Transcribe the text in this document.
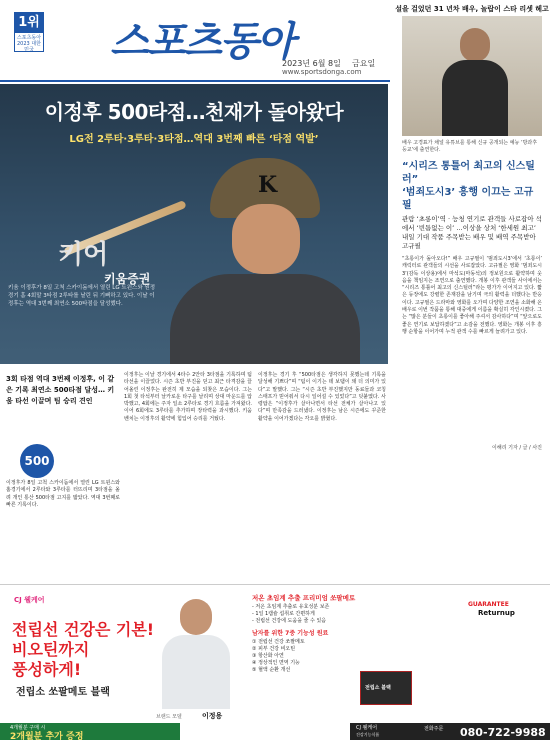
1위
스포츠동아 2023 대한민국 스포츠동아
2023년 6월 8일 금요일
www.sportsdonga.com
이정후 500타점…천재가 돌아왔다
LG전 2루타·3루타·3타점…역대 3번째 빠른 ‘타점 역발’
K
키어
키움증권
키움 이정후가 8일 고척 스카이돔에서 열린 LG 트윈스와 원정경기 홈 4회말 3타점 2루타를 날린 뒤 기뻐하고 있다. 이날 이정후는 역대 3번째 최연소 500타점을 달성했다.
설을 걸었던 31 년차 배우, 놀랍이 스타 리셋 헤고
배우 고경표가 채널 유튜브를 통해 신규 공개되는 예능 ‘방과후 등교’에 출연한다.
“시리즈 통틀어 최고의 신스틸러”
‘범죄도시3’ 흥행 이끄는 고규필
관람 ‘초롱이’역 · 능청 연기로 관객들 사로잡아 석에서 ‘빈틈없는 이’ …이상을 상처 ‘한세원 최고’ 내일 기대 작품 주목받는 배우 및 배역 주목받아 고규필
“초롱이가 돌아오다!” 배우 고규필이 ‘범죄도시3’에서 ‘초롱이’ 캐릭터로 관객들의 시선을 사로잡았다. 고규필은 영화 ‘범죄도시3’(감독 이상용)에서 마석도(마동석)의 정보원으로 활약하며 웃음을 책임지는 조연으로 출연했다. 개봉 이후 관객들 사이에서는 “시리즈 통틀어 최고의 신스틸러”라는 평가가 이어지고 있다. 짧은 등장에도 강렬한 존재감을 남기며 극의 활력을 더했다는 반응이다. 고규필은 드라마와 영화를 오가며 다양한 조연을 소화해 온 배우로 이번 작품을 통해 대중에게 이름을 확실히 각인시켰다. 그는 “많은 분들이 초롱이를 좋아해 주셔서 감사하다”며 “앞으로도 좋은 연기로 보답하겠다”고 소감을 전했다. 영화는 개봉 이후 흥행 순항을 이어가며 누적 관객 수를 빠르게 늘려가고 있다.
이해리 기자 / 글 / 사진
3회 타점 역대 3번째 이정후, 이 같은 기록 최연소 500타점 달성… 키움 타선 이끌며 팀 승리 견인
500
이정후가 8일 고척 스카이돔에서 열린 LG 트윈스와 홈경기에서 2루타와 3루타를 터뜨리며 3타점을 올려 개인 통산 500타점 고지를 밟았다. 역대 3번째로 빠른 기록이다.
이정후는 이날 경기에서 4타수 2안타 3타점을 기록하며 팀 타선을 이끌었다. 시즌 초반 부진을 딛고 최근 타격감을 끌어올린 이정후는 완전히 제 모습을 되찾은 모습이다. 그는 1회 첫 타석부터 날카로운 타구를 날리며 상대 마운드를 압박했고, 4회에는 주자 일소 2루타로 경기 흐름을 가져왔다. 이어 6회에도 3루타를 추가하며 장타력을 과시했다. 키움 벤치는 이정후의 활약에 힘입어 승리를 거뒀다.
이정후는 경기 후 “500타점은 생각하지 못했는데 기록을 달성해 기쁘다”며 “팀이 이기는 데 보탬이 돼 더 의미가 있다”고 말했다. 그는 “시즌 초반 부진했지만 동료들과 코칭스태프가 믿어줘서 다시 일어설 수 있었다”고 덧붙였다. 사령탑은 “이정후가 살아나면서 타선 전체가 살아나고 있다”며 만족감을 드러냈다. 이정후는 남은 시즌에도 꾸준한 활약을 이어가겠다는 각오를 밝혔다.
CJ 웰케어
전립선 건강은 기본!
비오틴까지
풍성하게!
전립소 쏘팔메토 블랙
브랜드 모델	이정용
4개월분 구매 시
2개월분 추가 증정
저온 초임계 추출 프리미엄 쏘팔메토
- 저온 초임계 추출로 유효성분 보존
- 1일 1캡슐 섭취로 간편하게
- 전립선 건강에 도움을 줄 수 있음
남자를 위한 7중 기능성 원료
① 전립선 건강 쏘팔메토
② 피부 건강 비오틴
③ 항산화 아연
④ 정상적인 면역 기능
⑤ 혈액 순환 개선
전립소 블랙
GUARANTEE
Returnup
CJ 웰케어
건강기능식품
전화주문 080-722-9988
